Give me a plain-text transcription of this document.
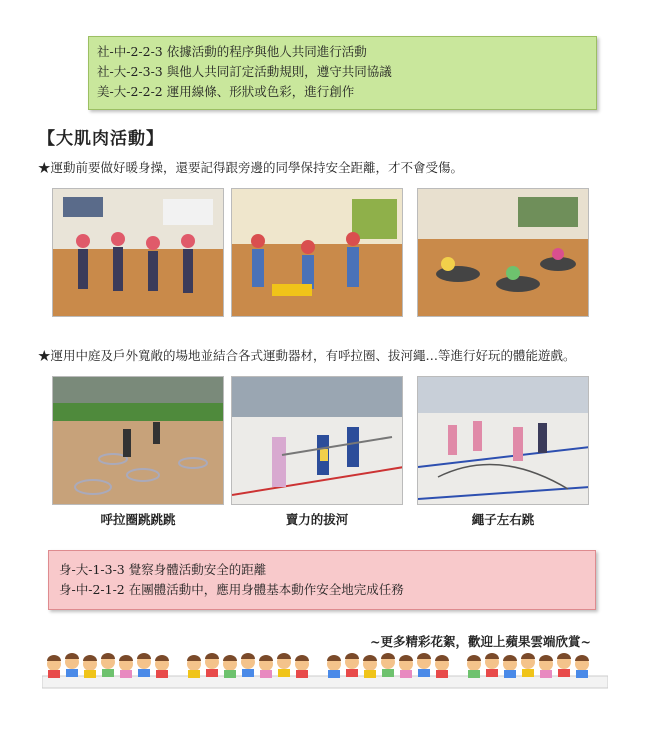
社-中-2-2-3 依據活動的程序與他人共同進行活動
社-大-2-3-3 與他人共同訂定活動規則，遵守共同協議
美-大-2-2-2 運用線條、形狀或色彩，進行創作
【大肌肉活動】
★運動前要做好暖身操，還要記得跟旁邊的同學保持安全距離，才不會受傷。
★運用中庭及戶外寬敞的場地並結合各式運動器材，有呼拉圈、拔河繩…等進行好玩的體能遊戲。
呼拉圈跳跳跳	賣力的拔河	繩子左右跳
身-大-1-3-3 覺察身體活動安全的距離
身-中-2-1-2 在團體活動中，應用身體基本動作安全地完成任務
~更多精彩花絮，歡迎上蘋果雲端欣賞~
